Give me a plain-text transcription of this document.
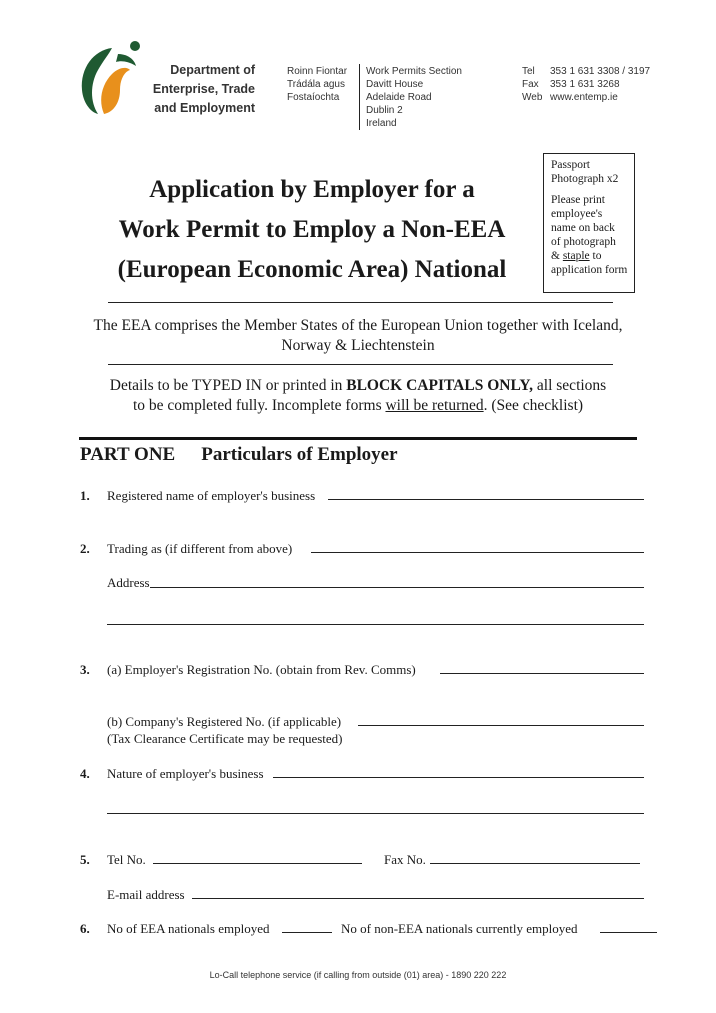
Department of
Enterprise, Trade
and Employment
Roinn Fiontar
Trádála agus
Fostaíochta
Work Permits Section
Davitt House
Adelaide Road
Dublin 2
Ireland
Tel
Fax
Web
353 1 631 3308 / 3197
353 1 631 3268
www.entemp.ie
Application by Employer for a
Work Permit to Employ a Non-EEA
(European Economic Area) National
Passport
Photograph x2
Please print
employee's
name on back
of photograph
& staple to
application form
The EEA comprises the Member States of the European Union together with Iceland,
Norway & Liechtenstein
Details to be TYPED IN or printed in BLOCK CAPITALS ONLY, all sections
to be completed fully. Incomplete forms will be returned. (See checklist)
PART ONE Particulars of Employer
1. Registered name of employer's business
2. Trading as (if different from above)
Address
3. (a) Employer's Registration No. (obtain from Rev. Comms)
(b) Company's Registered No. (if applicable)
(Tax Clearance Certificate may be requested)
4. Nature of employer's business
5. Tel No.	Fax No.
E-mail address
6. No of EEA nationals employed	No of non-EEA nationals currently employed
Lo-Call telephone service (if calling from outside (01) area) - 1890 220 222
